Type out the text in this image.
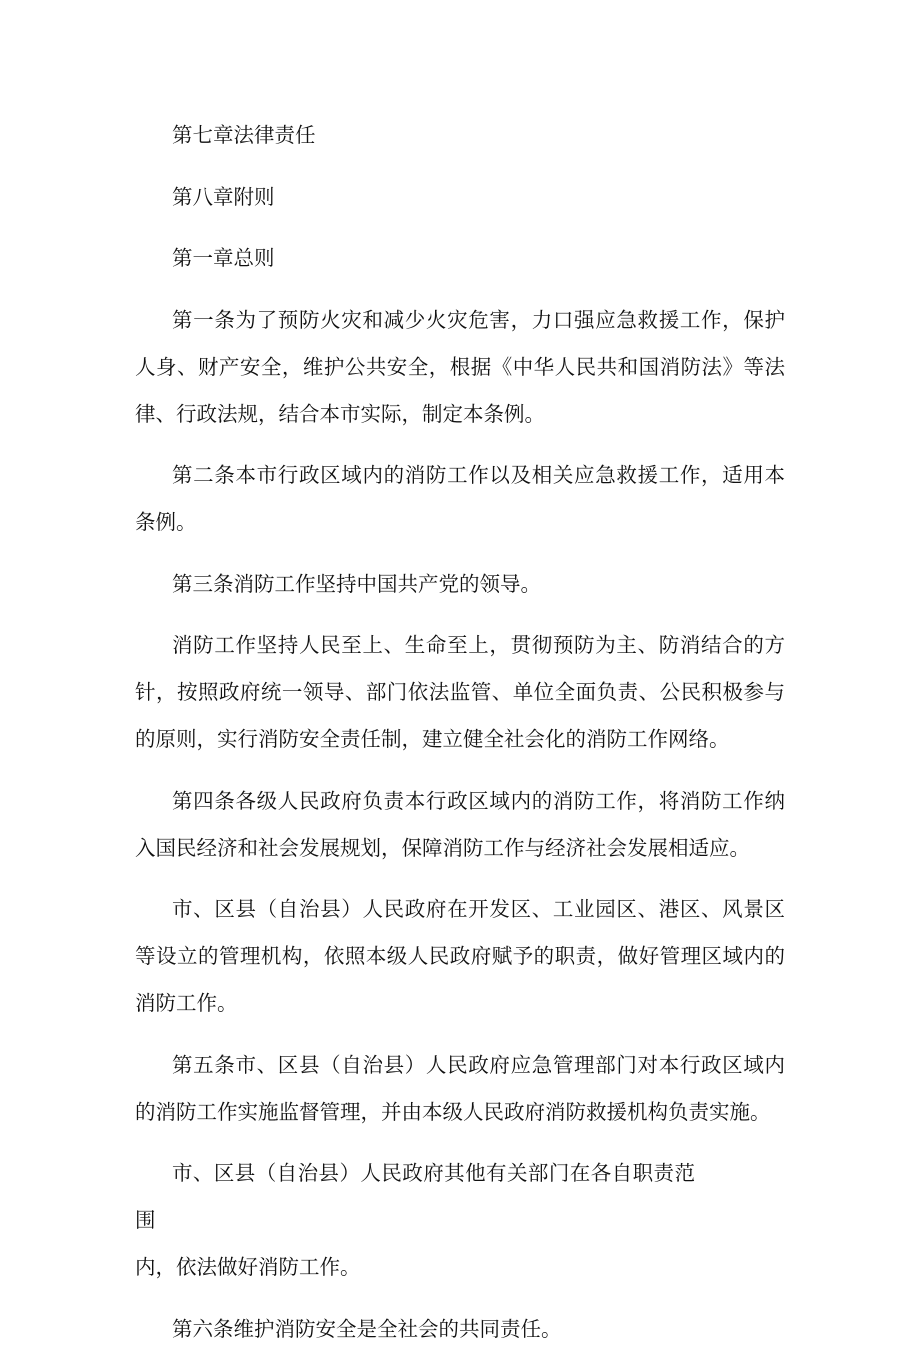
第七章法律责任

第八章附则

第一章总则

第一条为了预防火灾和减少火灾危害，力口强应急救援工作，保护人身、财产安全，维护公共安全，根据《中华人民共和国消防法》等法律、行政法规，结合本市实际，制定本条例。

第二条本市行政区域内的消防工作以及相关应急救援工作，适用本条例。

第三条消防工作坚持中国共产党的领导。

消防工作坚持人民至上、生命至上，贯彻预防为主、防消结合的方针，按照政府统一领导、部门依法监管、单位全面负责、公民积极参与的原则，实行消防安全责任制，建立健全社会化的消防工作网络。

第四条各级人民政府负责本行政区域内的消防工作，将消防工作纳入国民经济和社会发展规划，保障消防工作与经济社会发展相适应。

市、区县（自治县）人民政府在开发区、工业园区、港区、风景区等设立的管理机构，依照本级人民政府赋予的职责，做好管理区域内的消防工作。

第五条市、区县（自治县）人民政府应急管理部门对本行政区域内的消防工作实施监督管理，并由本级人民政府消防救援机构负责实施。

市、区县（自治县）人民政府其他有关部门在各自职责范围

内，依法做好消防工作。

第六条维护消防安全是全社会的共同责任。
